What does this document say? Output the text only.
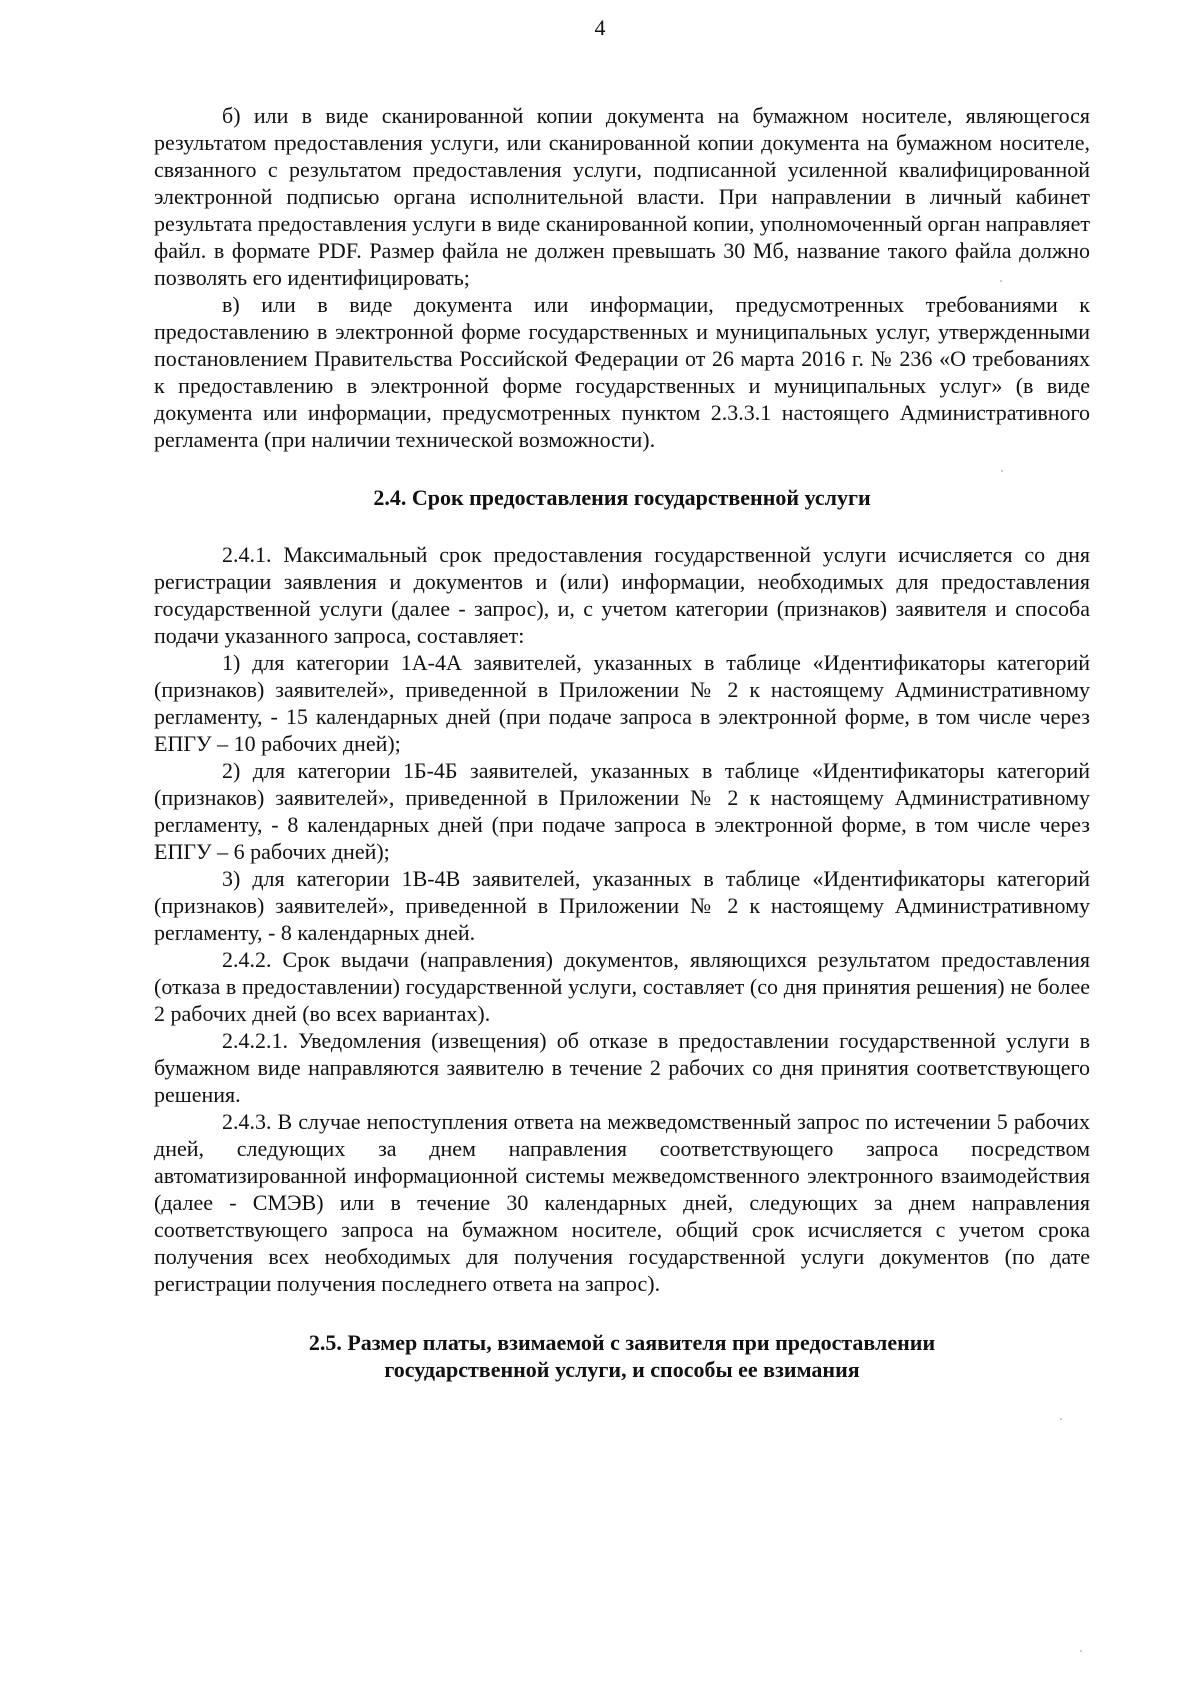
4

б) или в виде сканированной копии документа на бумажном носителе, являющегося результатом предоставления услуги, или сканированной копии документа на бумажном носителе, связанного с результатом предоставления услуги, подписанной усиленной квалифицированной электронной подписью органа исполнительной власти. При направлении в личный кабинет результата предоставления услуги в виде сканированной копии, уполномоченный орган направляет файл. в формате PDF. Размер файла не должен превышать 30 Мб, название такого файла должно позволять его идентифицировать;

в) или в виде документа или информации, предусмотренных требованиями к предоставлению в электронной форме государственных и муниципальных услуг, утвержденными постановлением Правительства Российской Федерации от 26 марта 2016 г. № 236 «О требованиях к предоставлению в электронной форме государственных и муниципальных услуг» (в виде документа или информации, предусмотренных пунктом 2.3.3.1 настоящего Административного регламента (при наличии технической возможности).

2.4. Срок предоставления государственной услуги

2.4.1. Максимальный срок предоставления государственной услуги исчисляется со дня регистрации заявления и документов и (или) информации, необходимых для предоставления государственной услуги (далее - запрос), и, с учетом категории (признаков) заявителя и способа подачи указанного запроса, составляет:

1) для категории 1А-4А заявителей, указанных в таблице «Идентификаторы категорий (признаков) заявителей», приведенной в Приложении № 2 к настоящему Административному регламенту, - 15 календарных дней (при подаче запроса в электронной форме, в том числе через ЕПГУ – 10 рабочих дней);

2) для категории 1Б-4Б заявителей, указанных в таблице «Идентификаторы категорий (признаков) заявителей», приведенной в Приложении № 2 к настоящему Административному регламенту, - 8 календарных дней (при подаче запроса в электронной форме, в том числе через ЕПГУ – 6 рабочих дней);

3) для категории 1В-4В заявителей, указанных в таблице «Идентификаторы категорий (признаков) заявителей», приведенной в Приложении № 2 к настоящему Административному регламенту, - 8 календарных дней.

2.4.2. Срок выдачи (направления) документов, являющихся результатом предоставления (отказа в предоставлении) государственной услуги, составляет (со дня принятия решения) не более 2 рабочих дней (во всех вариантах).

2.4.2.1. Уведомления (извещения) об отказе в предоставлении государственной услуги в бумажном виде направляются заявителю в течение 2 рабочих со дня принятия соответствующего решения.

2.4.3. В случае непоступления ответа на межведомственный запрос по истечении 5 рабочих дней, следующих за днем направления соответствующего запроса посредством автоматизированной информационной системы межведомственного электронного взаимодействия (далее - СМЭВ) или в течение 30 календарных дней, следующих за днем направления соответствующего запроса на бумажном носителе, общий срок исчисляется с учетом срока получения всех необходимых для получения государственной услуги документов (по дате регистрации получения последнего ответа на запрос).

2.5. Размер платы, взимаемой с заявителя при предоставлении
государственной услуги, и способы ее взимания
